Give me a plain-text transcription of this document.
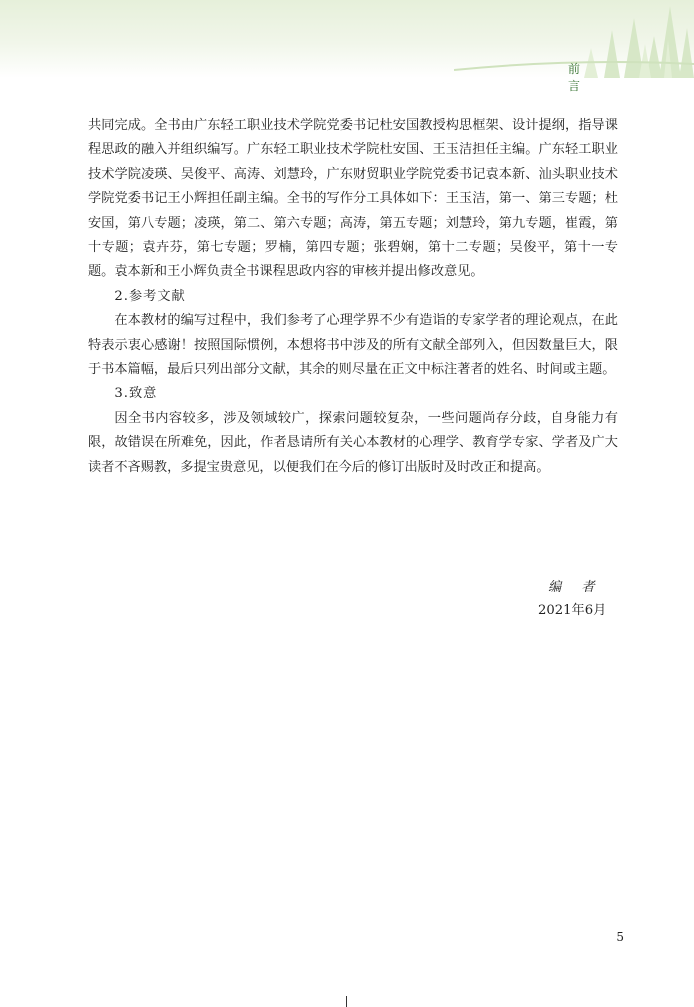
前 言

共同完成。全书由广东轻工职业技术学院党委书记杜安国教授构思框架、设计提纲，指导课程思政的融入并组织编写。广东轻工职业技术学院杜安国、王玉洁担任主编。广东轻工职业技术学院凌瑛、吴俊平、高涛、刘慧玲，广东财贸职业学院党委书记袁本新、汕头职业技术学院党委书记王小辉担任副主编。全书的写作分工具体如下：王玉洁，第一、第三专题；杜安国，第八专题；凌瑛，第二、第六专题；高涛，第五专题；刘慧玲，第九专题，崔霞，第十专题；袁卉芬，第七专题；罗楠，第四专题；张碧娴，第十二专题；吴俊平，第十一专题。袁本新和王小辉负责全书课程思政内容的审核并提出修改意见。

2.参考文献

在本教材的编写过程中，我们参考了心理学界不少有造诣的专家学者的理论观点，在此特表示衷心感谢！按照国际惯例，本想将书中涉及的所有文献全部列入，但因数量巨大，限于书本篇幅，最后只列出部分文献，其余的则尽量在正文中标注著者的姓名、时间或主题。

3.致意

因全书内容较多，涉及领域较广，探索问题较复杂，一些问题尚存分歧，自身能力有限，故错误在所难免，因此，作者恳请所有关心本教材的心理学、教育学专家、学者及广大读者不吝赐教，多提宝贵意见，以便我们在今后的修订出版时及时改正和提高。

编 者
2021年6月
5
